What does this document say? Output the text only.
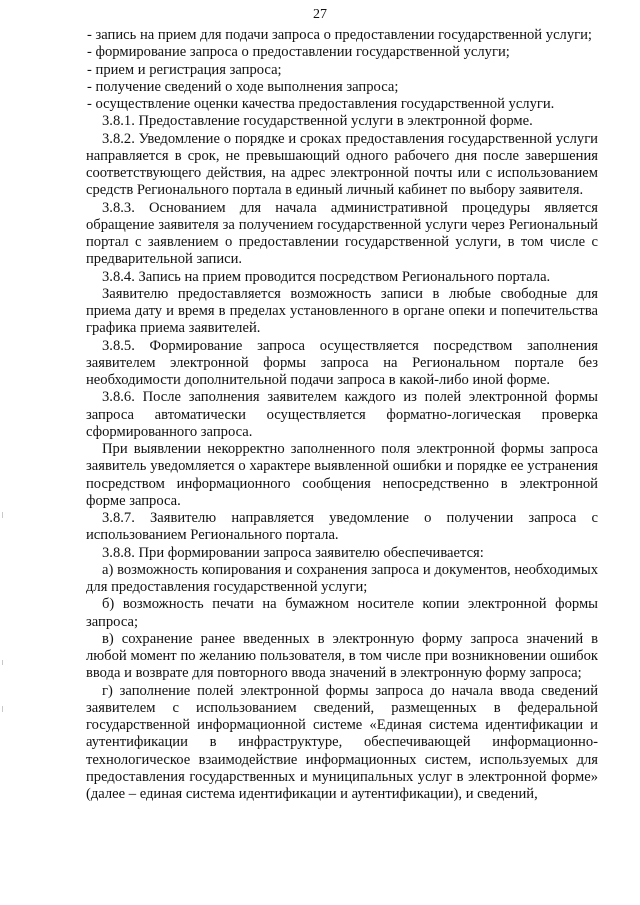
27

- запись на прием для подачи запроса о предоставлении государственной услуги;

- формирование запроса о предоставлении государственной услуги;

- прием и регистрация запроса;

- получение сведений о ходе выполнения запроса;

- осуществление оценки качества предоставления государственной услуги.

3.8.1. Предоставление государственной услуги в электронной форме.

3.8.2. Уведомление о порядке и сроках предоставления государственной услуги направляется в срок, не превышающий одного рабочего дня после завершения соответствующего действия, на адрес электронной почты или с использованием средств Регионального портала в единый личный кабинет по выбору заявителя.

3.8.3. Основанием для начала административной процедуры является обращение заявителя за получением государственной услуги через Региональный портал с заявлением о предоставлении государственной услуги, в том числе с предварительной записи.

3.8.4. Запись на прием проводится посредством Регионального портала.

Заявителю предоставляется возможность записи в любые свободные для приема дату и время в пределах установленного в органе опеки и попечительства графика приема заявителей.

3.8.5. Формирование запроса осуществляется посредством заполнения заявителем электронной формы запроса на Региональном портале без необходимости дополнительной подачи запроса в какой-либо иной форме.

3.8.6. После заполнения заявителем каждого из полей электронной формы запроса автоматически осуществляется форматно-логическая проверка сформированного запроса.

При выявлении некорректно заполненного поля электронной формы запроса заявитель уведомляется о характере выявленной ошибки и порядке ее устранения посредством информационного сообщения непосредственно в электронной форме запроса.

3.8.7. Заявителю направляется уведомление о получении запроса с использованием Регионального портала.

3.8.8. При формировании запроса заявителю обеспечивается:

а) возможность копирования и сохранения запроса и документов, необходимых для предоставления государственной услуги;

б) возможность печати на бумажном носителе копии электронной формы запроса;

в) сохранение ранее введенных в электронную форму запроса значений в любой момент по желанию пользователя, в том числе при возникновении ошибок ввода и возврате для повторного ввода значений в электронную форму запроса;

г) заполнение полей электронной формы запроса до начала ввода сведений заявителем с использованием сведений, размещенных в федеральной государственной информационной системе «Единая система идентификации и аутентификации в инфраструктуре, обеспечивающей информационно-технологическое взаимодействие информационных систем, используемых для предоставления государственных и муниципальных услуг в электронной форме» (далее – единая система идентификации и аутентификации), и сведений,
